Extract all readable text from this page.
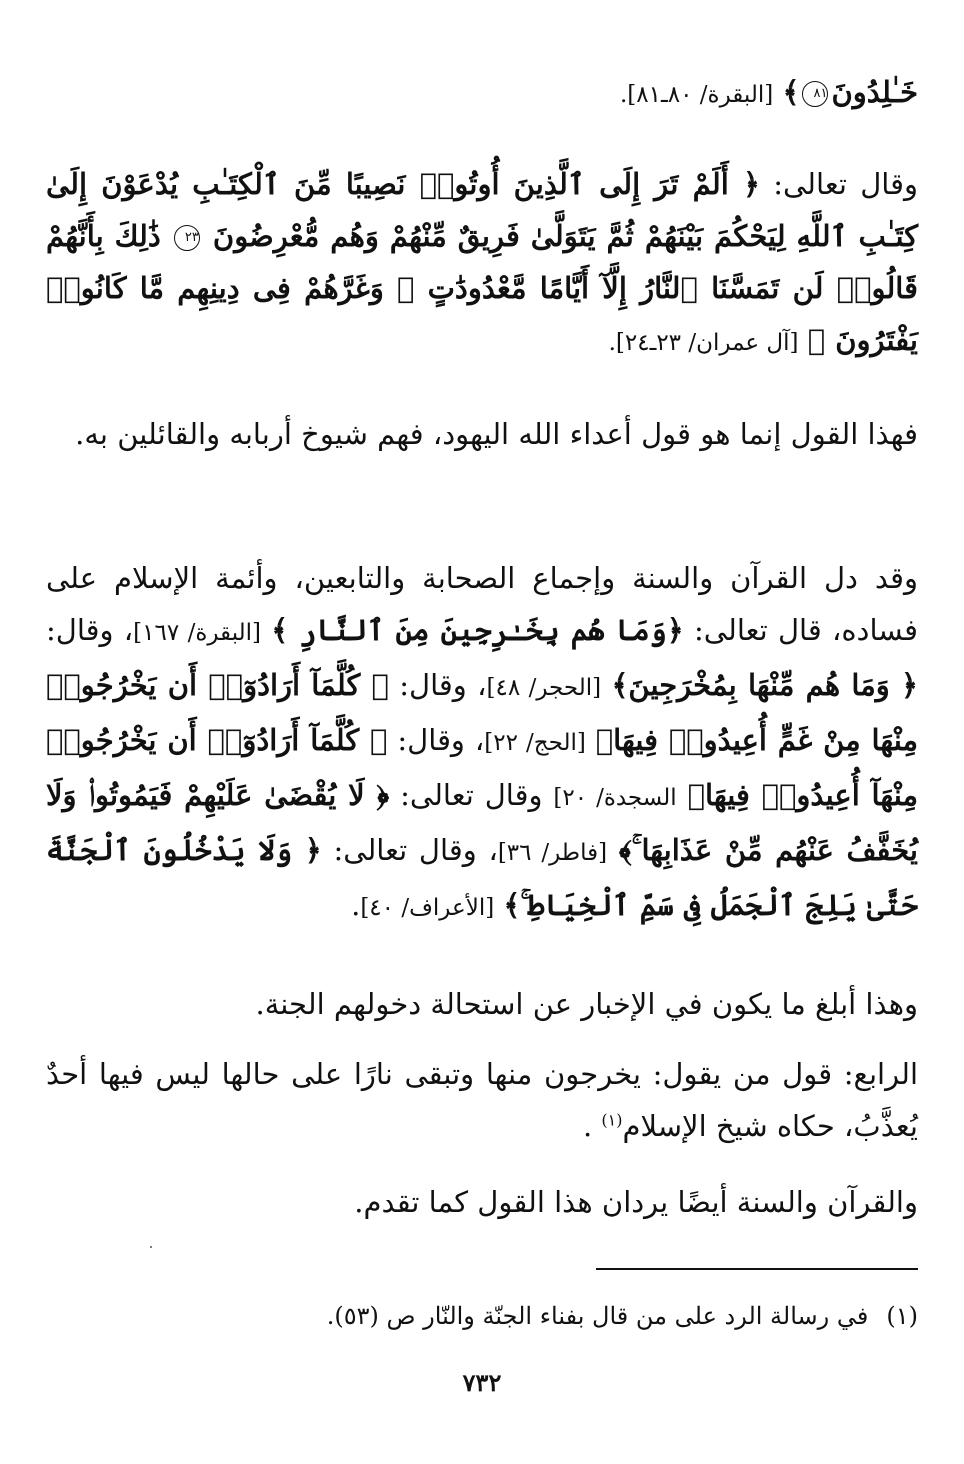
خَـٰلِدُونَ٨١﴾ [البقرة/ ٨٠ـ٨١].

وقال تعالى: ﴿ أَلَمْ تَرَ إِلَى ٱلَّذِينَ أُوتُوا۟ نَصِيبًا مِّنَ ٱلْكِتَـٰبِ يُدْعَوْنَ إِلَىٰ كِتَـٰبِ ٱللَّهِ لِيَحْكُمَ بَيْنَهُمْ ثُمَّ يَتَوَلَّىٰ فَرِيقٌ مِّنْهُمْ وَهُم مُّعْرِضُونَ ٢٣ ذَٰلِكَ بِأَنَّهُمْ قَالُوا۟ لَن تَمَسَّنَا ٱلنَّارُ إِلَّآ أَيَّامًا مَّعْدُودَٰتٍ ۖ وَغَرَّهُمْ فِى دِينِهِم مَّا كَانُوا۟ يَفْتَرُونَ ﴾ [آل عمران/ ٢٣ـ٢٤].

فهذا القول إنما هو قول أعداء الله اليهود، فهم شيوخ أربابه والقائلين به.

وقد دل القرآن والسنة وإجماع الصحابة والتابعين، وأئمة الإسلام على فساده، قال تعالى: ﴿وَمَا هُم بِخَـٰرِجِينَ مِنَ ٱلنَّارِ ﴾ [البقرة/ ١٦٧]، وقال: ﴿ وَمَا هُم مِّنْهَا بِمُخْرَجِينَ﴾ [الحجر/ ٤٨]، وقال: ﴿ كُلَّمَآ أَرَادُوٓا۟ أَن يَخْرُجُوا۟ مِنْهَا مِنْ غَمٍّ أُعِيدُوا۟ فِيهَا﴾ [الحج/ ٢٢]، وقال: ﴿ كُلَّمَآ أَرَادُوٓا۟ أَن يَخْرُجُوا۟ مِنْهَآ أُعِيدُوا۟ فِيهَا﴾ السجدة/ ٢٠] وقال تعالى: ﴿ لَا يُقْضَىٰ عَلَيْهِمْ فَيَمُوتُوا۟ وَلَا يُخَفَّفُ عَنْهُم مِّنْ عَذَابِهَا ۚ﴾ [فاطر/ ٣٦]، وقال تعالى: ﴿ وَلَا يَدْخُلُونَ ٱلْجَنَّةَ حَتَّىٰ يَلِجَ ٱلْجَمَلُ فِى سَمِّ ٱلْخِيَاطِ ۚ﴾ [الأعراف/ ٤٠].

وهذا أبلغ ما يكون في الإخبار عن استحالة دخولهم الجنة.

الرابع: قول من يقول: يخرجون منها وتبقى نارًا على حالها ليس فيها أحدٌ يُعذَّبُ، حكاه شيخ الإسلام$^{(١)}$ .

والقرآن والسنة أيضًا يردان هذا القول كما تقدم.

(١)في رسالة الرد على من قال بفناء الجنّة والنّار ص (٥٣).

٧٣٢
